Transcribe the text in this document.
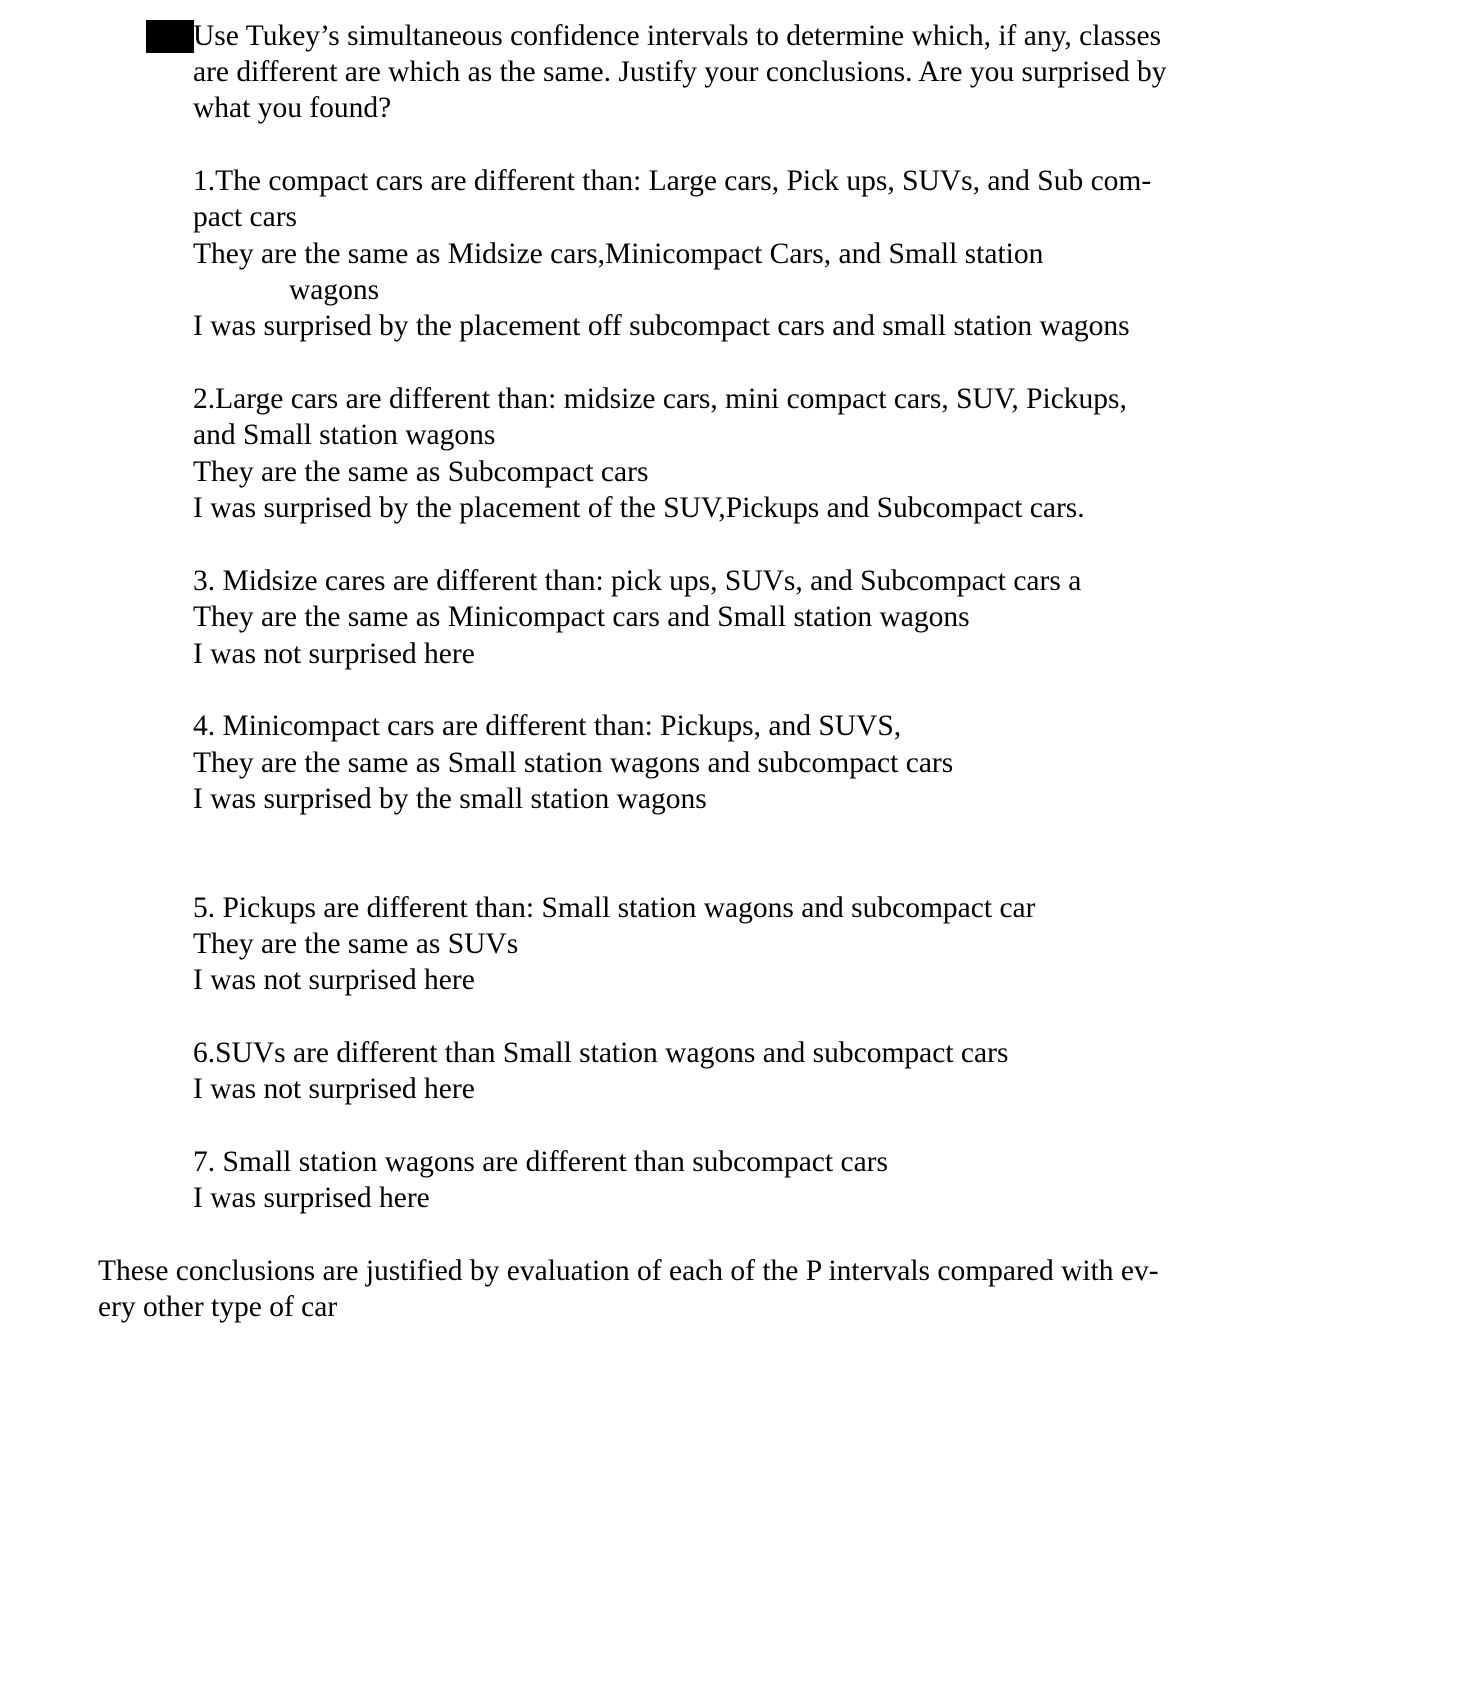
Use Tukey’s simultaneous confidence intervals to determine which, if any, classes
are different are which as the same. Justify your conclusions. Are you surprised by
what you found?
1.The compact cars are different than: Large cars, Pick ups, SUVs, and Sub com-
pact cars
They are the same as Midsize cars,Minicompact Cars, and Small station
wagons
I was surprised by the placement off subcompact cars and small station wagons
2.Large cars are different than: midsize cars, mini compact cars, SUV, Pickups,
and Small station wagons
They are the same as Subcompact cars
I was surprised by the placement of the SUV,Pickups and Subcompact cars.
3. Midsize cares are different than: pick ups, SUVs, and Subcompact cars a
They are the same as Minicompact cars and Small station wagons
I was not surprised here
4. Minicompact cars are different than: Pickups, and SUVS,
They are the same as Small station wagons and subcompact cars
I was surprised by the small station wagons
5. Pickups are different than: Small station wagons and subcompact car
They are the same as SUVs
I was not surprised here
6.SUVs are different than Small station wagons and subcompact cars
I was not surprised here
7. Small station wagons are different than subcompact cars
I was surprised here
These conclusions are justified by evaluation of each of the P intervals compared with ev-
ery other type of car
